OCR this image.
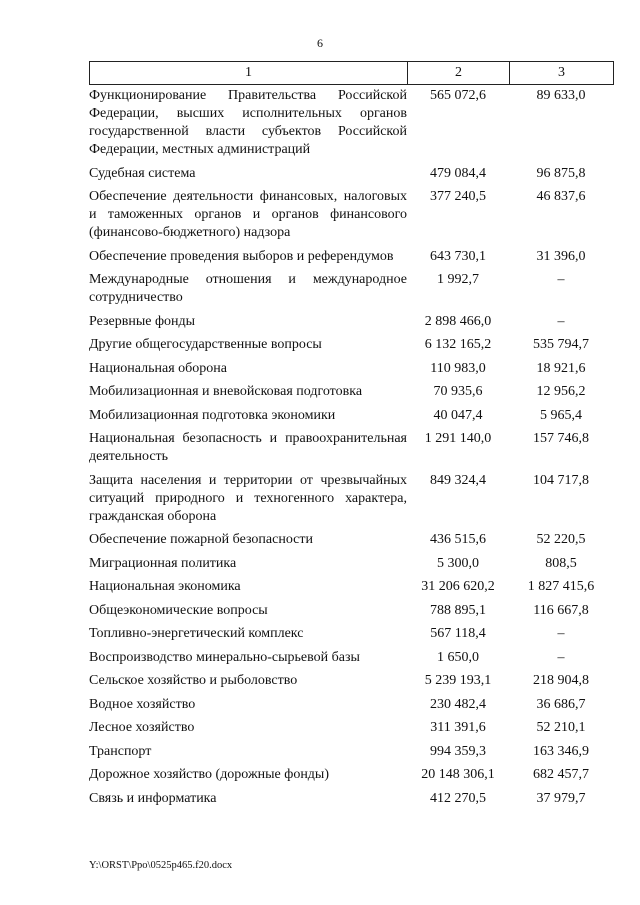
6
1	2	3
Функционирование Правительства Российской Федерации, высших исполнительных органов государственной власти субъектов Российской Федерации, местных администраций	565 072,6	89 633,0
Судебная система	479 084,4	96 875,8
Обеспечение деятельности финансовых, налоговых и таможенных органов и органов финансового (финансово-бюджетного) надзора	377 240,5	46 837,6
Обеспечение проведения выборов и референдумов	643 730,1	31 396,0
Международные отношения и международное сотрудничество	1 992,7	–
Резервные фонды	2 898 466,0	–
Другие общегосударственные вопросы	6 132 165,2	535 794,7
Национальная оборона	110 983,0	18 921,6
Мобилизационная и вневойсковая подготовка	70 935,6	12 956,2
Мобилизационная подготовка экономики	40 047,4	5 965,4
Национальная безопасность и правоохранительная деятельность	1 291 140,0	157 746,8
Защита населения и территории от чрезвычайных ситуаций природного и техногенного характера, гражданская оборона	849 324,4	104 717,8
Обеспечение пожарной безопасности	436 515,6	52 220,5
Миграционная политика	5 300,0	808,5
Национальная экономика	31 206 620,2	1 827 415,6
Общеэкономические вопросы	788 895,1	116 667,8
Топливно-энергетический комплекс	567 118,4	–
Воспроизводство минерально-сырьевой базы	1 650,0	–
Сельское хозяйство и рыболовство	5 239 193,1	218 904,8
Водное хозяйство	230 482,4	36 686,7
Лесное хозяйство	311 391,6	52 210,1
Транспорт	994 359,3	163 346,9
Дорожное хозяйство (дорожные фонды)	20 148 306,1	682 457,7
Связь и информатика	412 270,5	37 979,7
Y:\ORST\Ppo\0525p465.f20.docx
